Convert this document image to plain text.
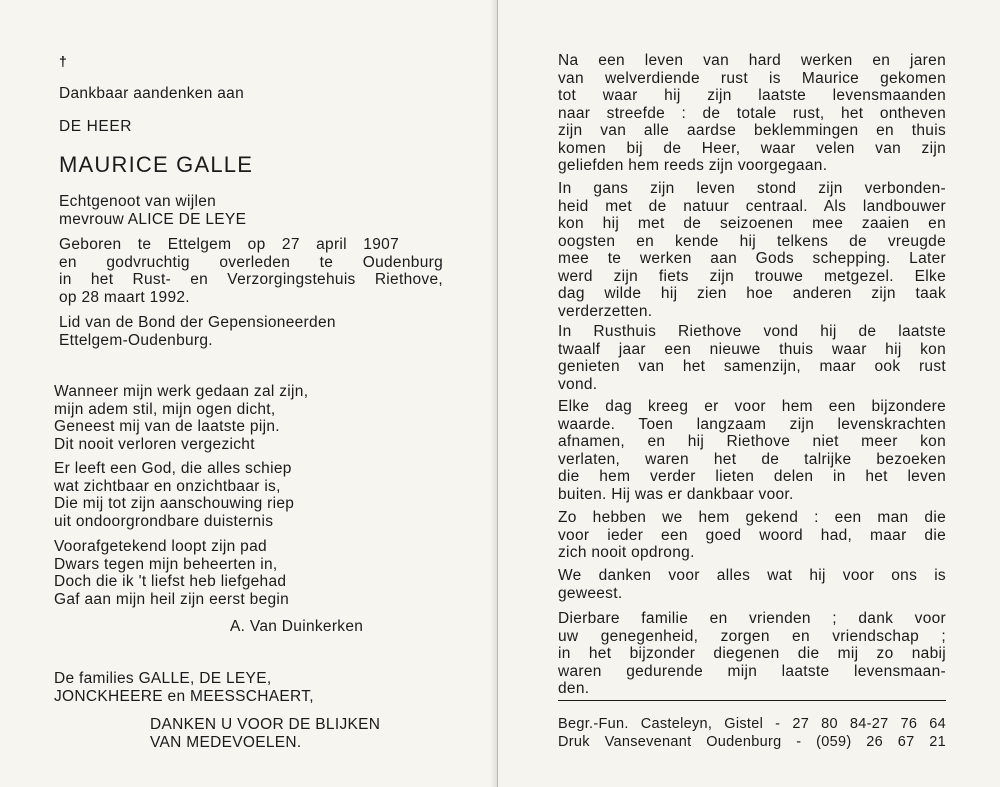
†
Dankbaar aandenken aan
DE HEER
MAURICE GALLE
Echtgenoot van wijlen
mevrouw ALICE DE LEYE
Geboren te Ettelgem op 27 april 1907
en godvruchtig overleden te Oudenburg
in het Rust- en Verzorgingstehuis Riethove,
op 28 maart 1992.
Lid van de Bond der Gepensioneerden
Ettelgem-Oudenburg.
Wanneer mijn werk gedaan zal zijn,
mijn adem stil, mijn ogen dicht,
Geneest mij van de laatste pijn.
Dit nooit verloren vergezicht
Er leeft een God, die alles schiep
wat zichtbaar en onzichtbaar is,
Die mij tot zijn aanschouwing riep
uit ondoorgrondbare duisternis
Voorafgetekend loopt zijn pad
Dwars tegen mijn beheerten in,
Doch die ik 't liefst heb liefgehad
Gaf aan mijn heil zijn eerst begin
A. Van Duinkerken
De families GALLE, DE LEYE,
JONCKHEERE en MEESSCHAERT,
DANKEN U VOOR DE BLIJKEN
VAN MEDEVOELEN.
Na een leven van hard werken en jaren
van welverdiende rust is Maurice gekomen
tot waar hij zijn laatste levensmaanden
naar streefde : de totale rust, het ontheven
zijn van alle aardse beklemmingen en thuis
komen bij de Heer, waar velen van zijn
geliefden hem reeds zijn voorgegaan.
In gans zijn leven stond zijn verbonden-
heid met de natuur centraal. Als landbouwer
kon hij met de seizoenen mee zaaien en
oogsten en kende hij telkens de vreugde
mee te werken aan Gods schepping. Later
werd zijn fiets zijn trouwe metgezel. Elke
dag wilde hij zien hoe anderen zijn taak
verderzetten.
In Rusthuis Riethove vond hij de laatste
twaalf jaar een nieuwe thuis waar hij kon
genieten van het samenzijn, maar ook rust
vond.
Elke dag kreeg er voor hem een bijzondere
waarde. Toen langzaam zijn levenskrachten
afnamen, en hij Riethove niet meer kon
verlaten, waren het de talrijke bezoeken
die hem verder lieten delen in het leven
buiten. Hij was er dankbaar voor.
Zo hebben we hem gekend : een man die
voor ieder een goed woord had, maar die
zich nooit opdrong.
We danken voor alles wat hij voor ons is
geweest.
Dierbare familie en vrienden ; dank voor
uw genegenheid, zorgen en vriendschap ;
in het bijzonder diegenen die mij zo nabij
waren gedurende mijn laatste levensmaan-
den.
Begr.-Fun. Casteleyn, Gistel - 27 80 84-27 76 64
Druk Vansevenant Oudenburg - (059) 26 67 21
